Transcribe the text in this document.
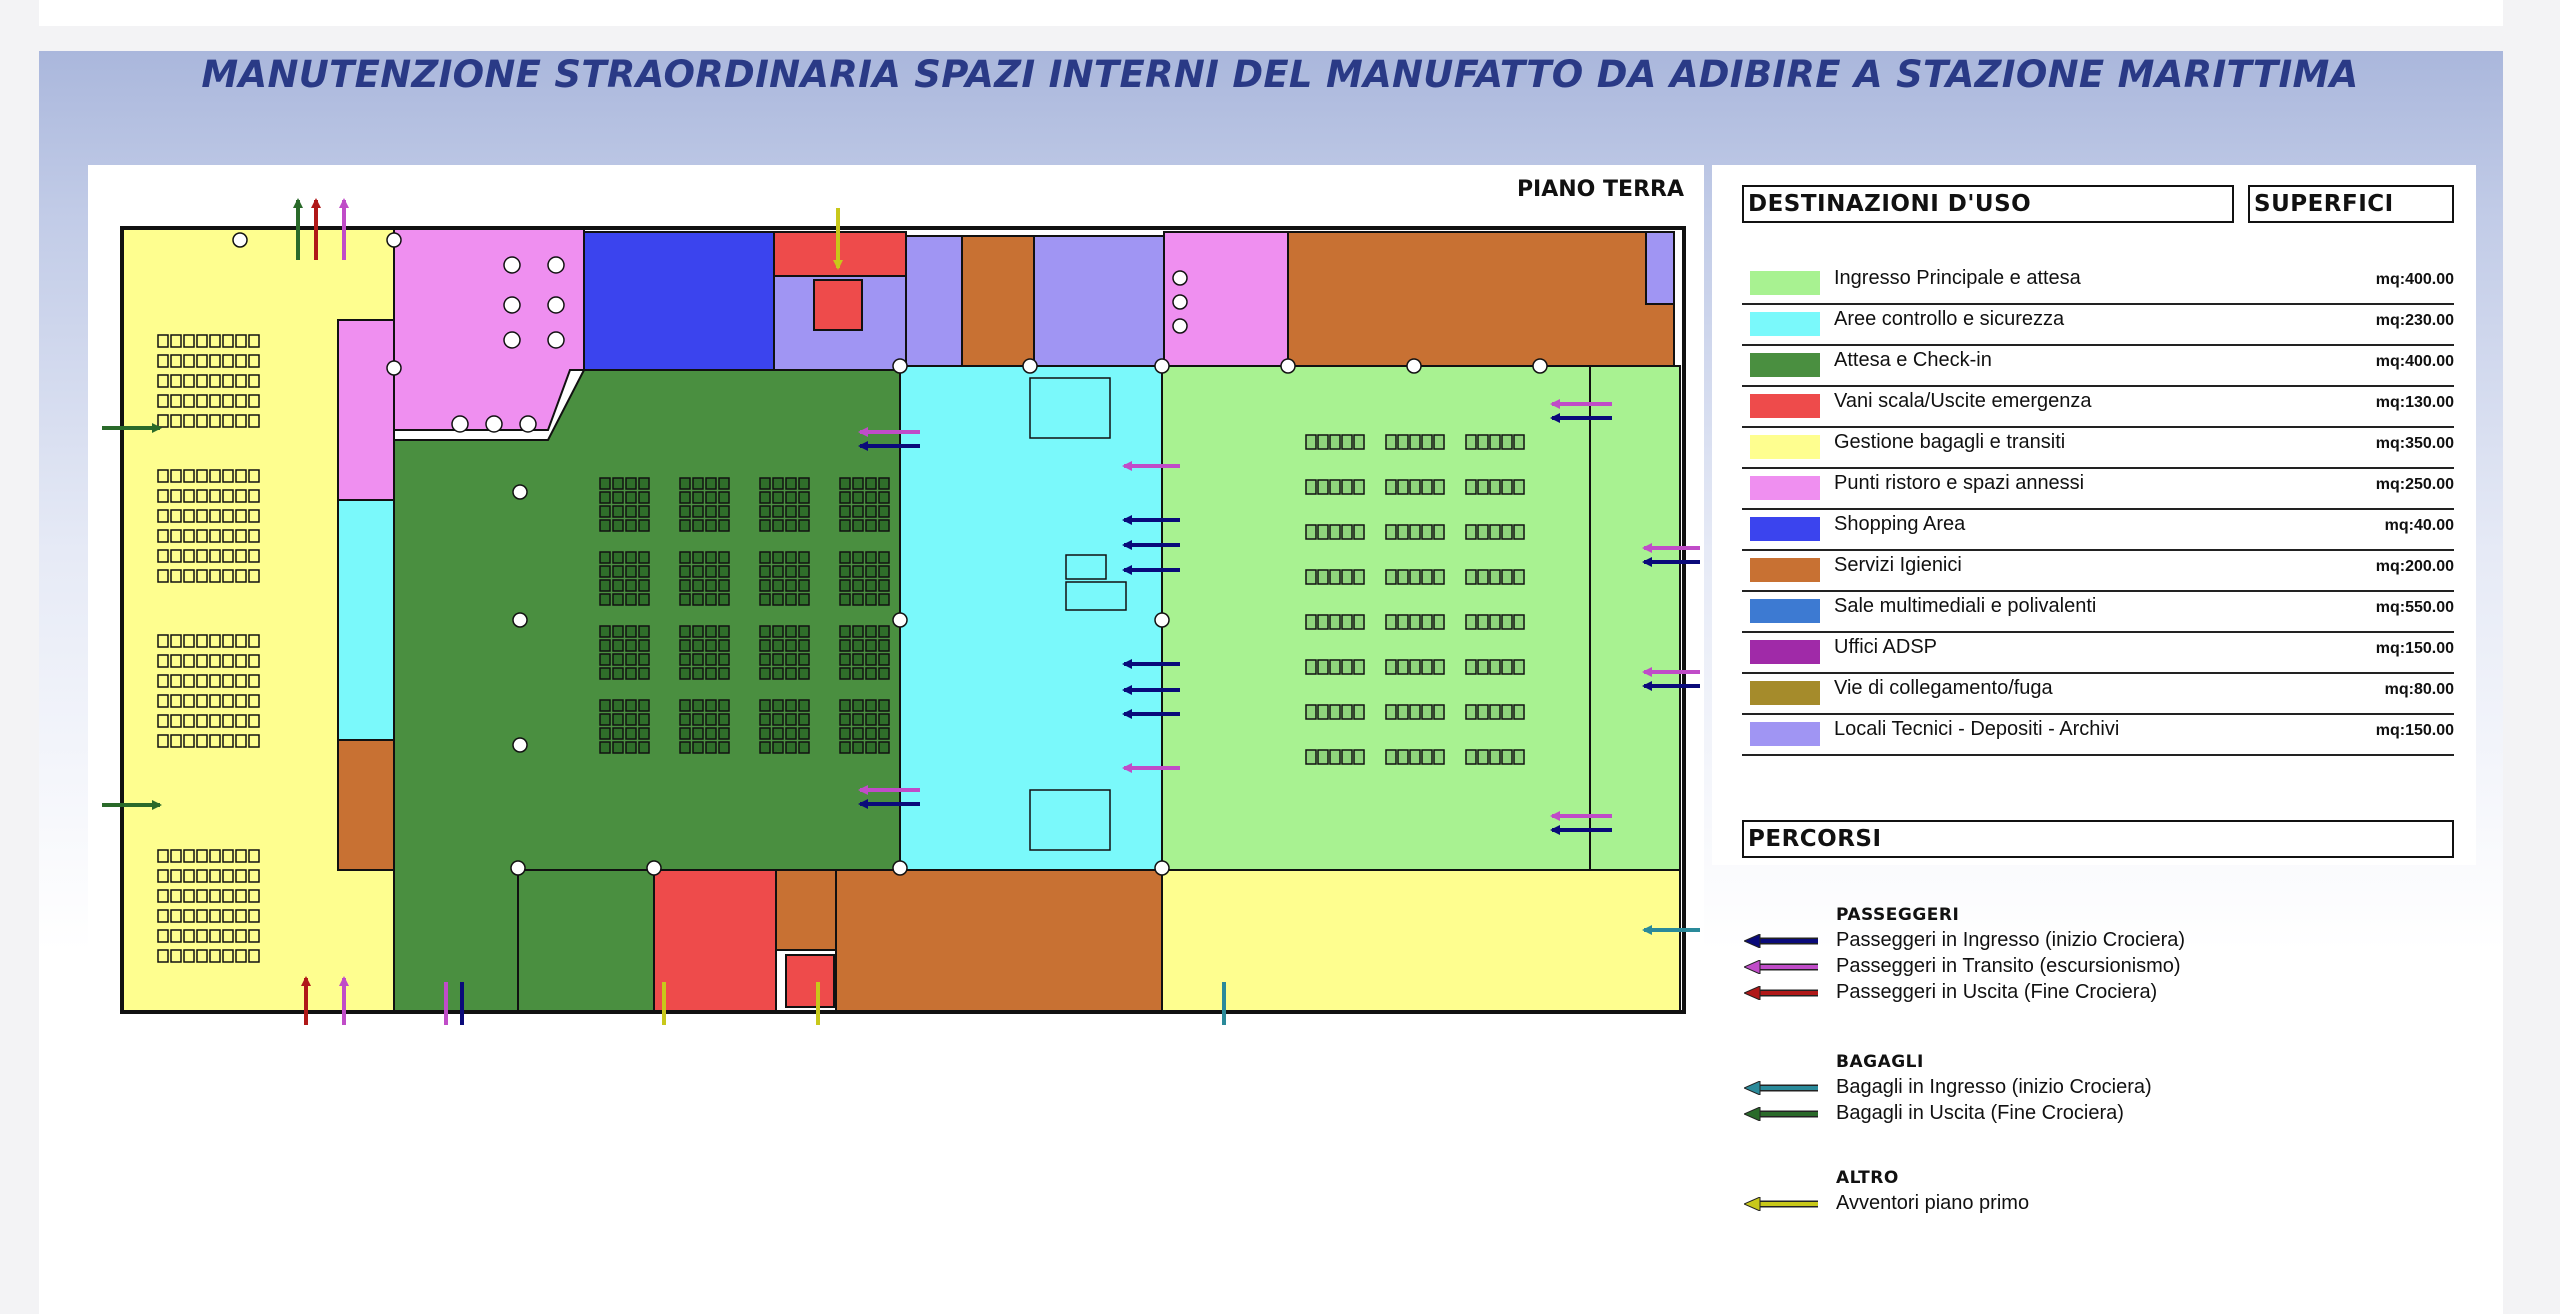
MANUTENZIONE STRAORDINARIA SPAZI INTERNI DEL MANUFATTO DA ADIBIRE A STAZIONE MARITTIMA
PIANO TERRA
DESTINAZIONI D'USO	SUPERFICI
Ingresso Principale e attesa	mq:400.00
Aree controllo e sicurezza	mq:230.00
Attesa e Check-in	mq:400.00
Vani scala/Uscite emergenza	mq:130.00
Gestione bagagli e transiti	mq:350.00
Punti ristoro e spazi annessi	mq:250.00
Shopping Area	mq:40.00
Servizi Igienici	mq:200.00
Sale multimediali e polivalenti	mq:550.00
Uffici ADSP	mq:150.00
Vie di collegamento/fuga	mq:80.00
Locali Tecnici - Depositi - Archivi	mq:150.00
PERCORSI
PASSEGGERI
Passeggeri in Ingresso (inizio Crociera)
Passeggeri in Transito (escursionismo)
Passeggeri in Uscita (Fine Crociera)
BAGAGLI
Bagagli in Ingresso (inizio Crociera)
Bagagli in Uscita (Fine Crociera)
ALTRO
Avventori piano primo
